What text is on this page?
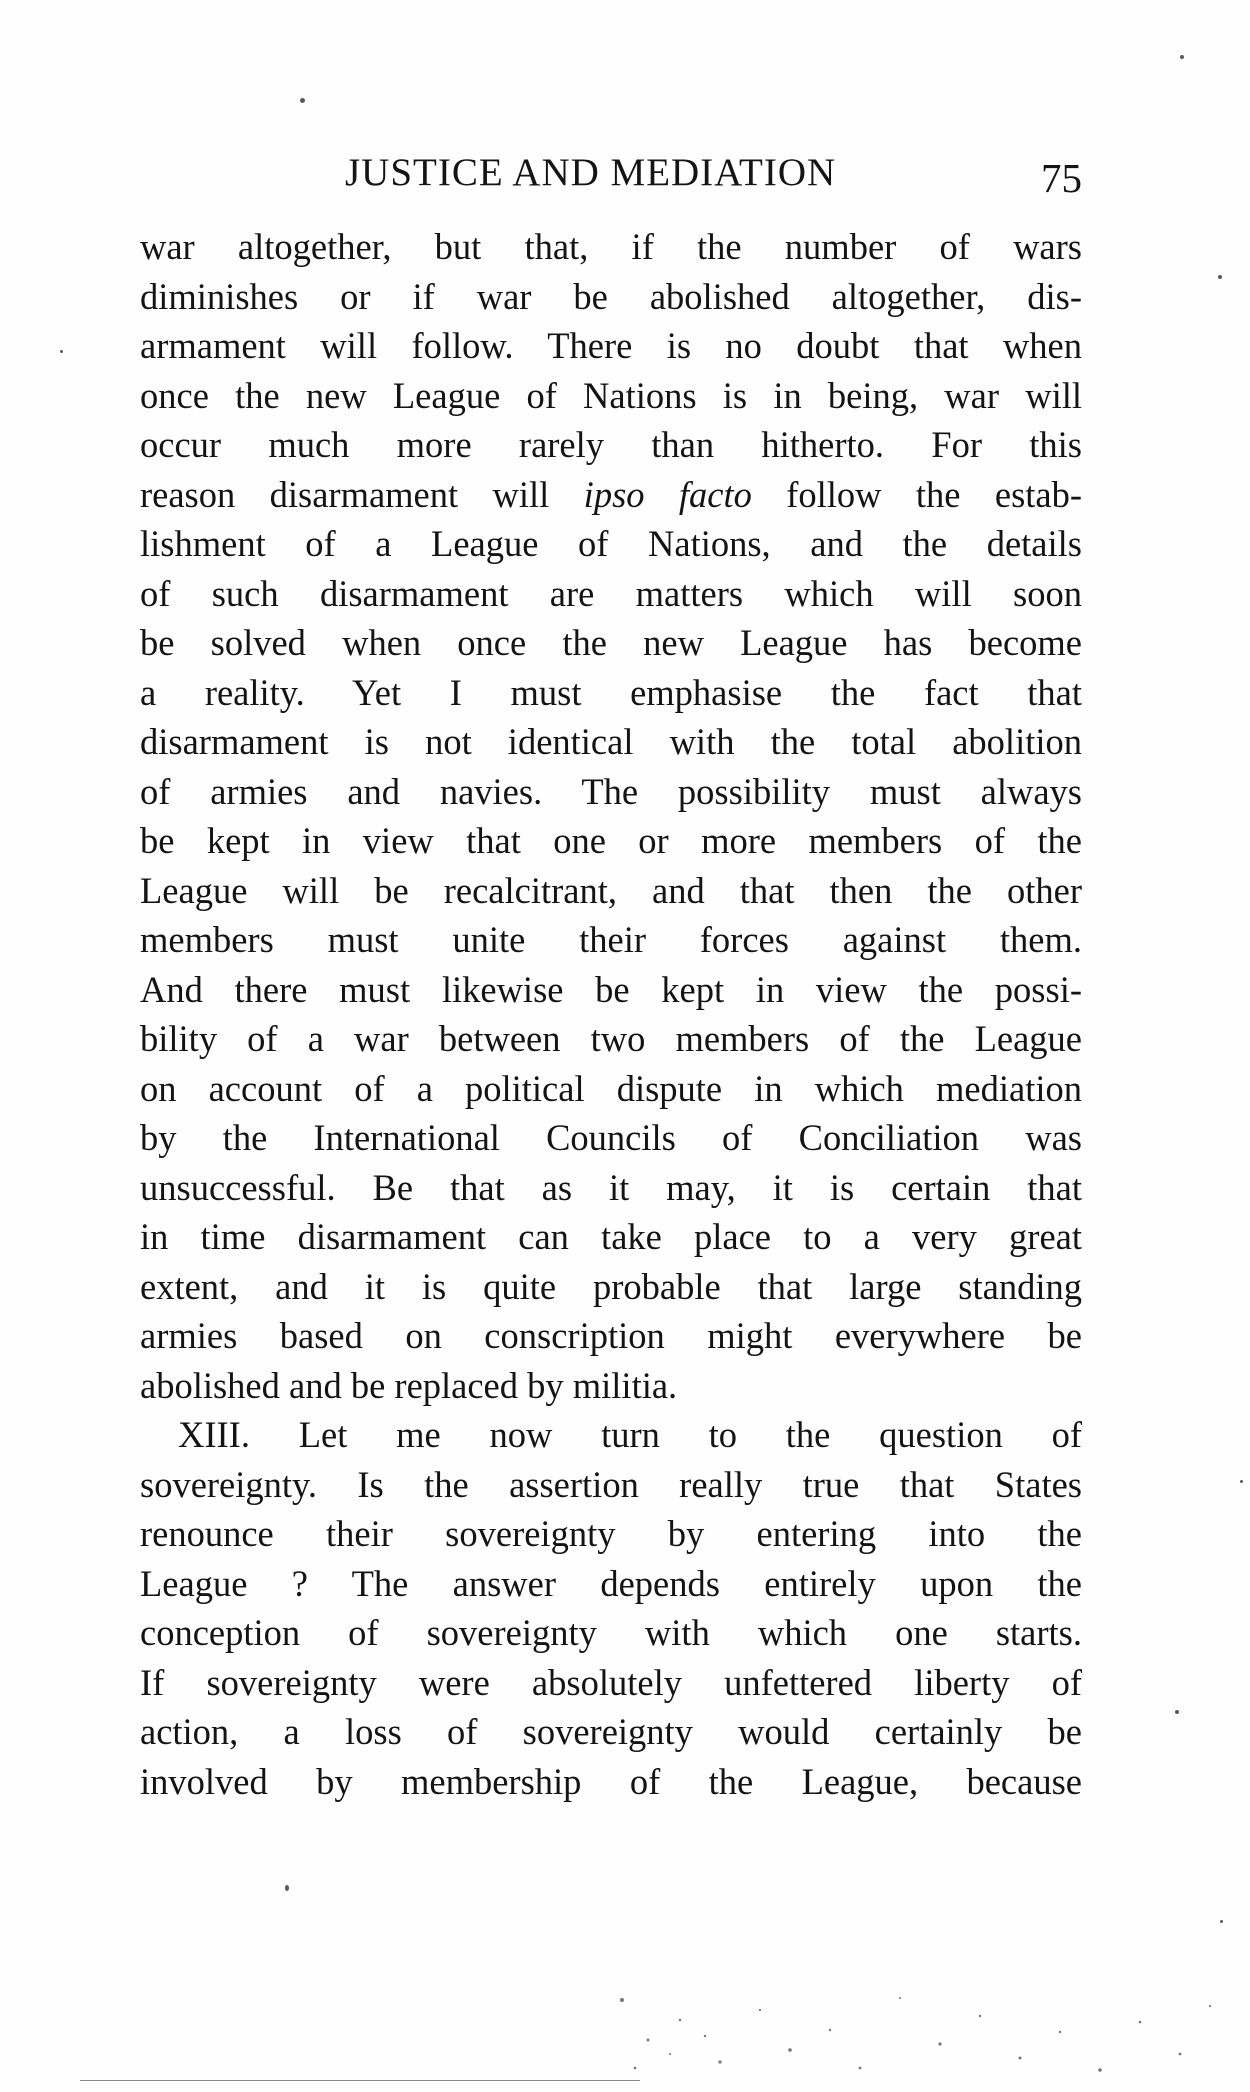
JUSTICE AND MEDIATION	75
war altogether, but that, if the number of wars
diminishes or if war be abolished altogether, dis-
armament will follow. There is no doubt that when
once the new League of Nations is in being, war will
occur much more rarely than hitherto. For this
reason disarmament will ipso facto follow the estab-
lishment of a League of Nations, and the details
of such disarmament are matters which will soon
be solved when once the new League has become
a reality. Yet I must emphasise the fact that
disarmament is not identical with the total abolition
of armies and navies. The possibility must always
be kept in view that one or more members of the
League will be recalcitrant, and that then the other
members must unite their forces against them.
And there must likewise be kept in view the possi-
bility of a war between two members of the League
on account of a political dispute in which mediation
by the International Councils of Conciliation was
unsuccessful. Be that as it may, it is certain that
in time disarmament can take place to a very great
extent, and it is quite probable that large standing
armies based on conscription might everywhere be
abolished and be replaced by militia.
XIII. Let me now turn to the question of
sovereignty. Is the assertion really true that States
renounce their sovereignty by entering into the
League ? The answer depends entirely upon the
conception of sovereignty with which one starts.
If sovereignty were absolutely unfettered liberty of
action, a loss of sovereignty would certainly be
involved by membership of the League, because
